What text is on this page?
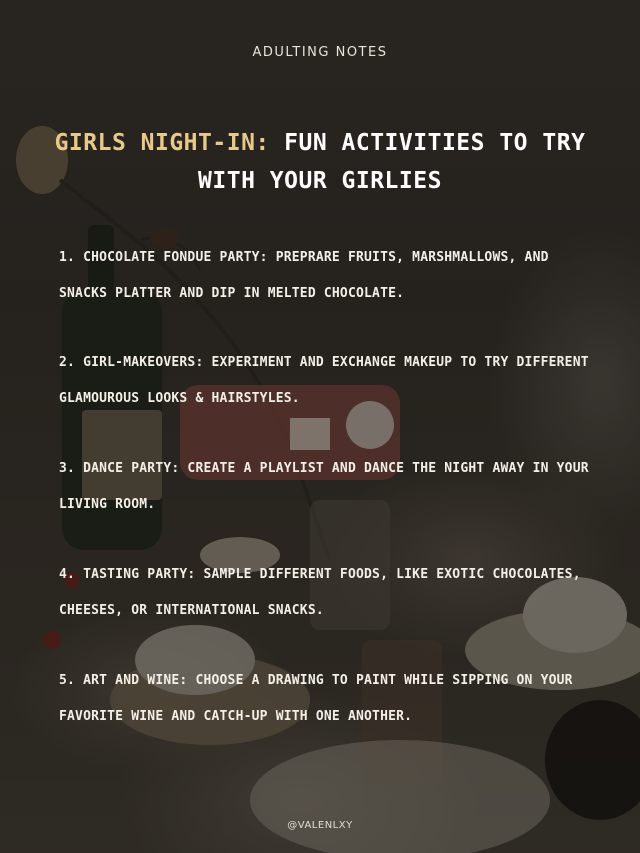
ADULTING NOTES
GIRLS NIGHT-IN: FUN ACTIVITIES TO TRY WITH YOUR GIRLIES
1. CHOCOLATE FONDUE PARTY: PREPRARE FRUITS, MARSHMALLOWS, AND SNACKS PLATTER AND DIP IN MELTED CHOCOLATE.
2. GIRL-MAKEOVERS: EXPERIMENT AND EXCHANGE MAKEUP TO TRY DIFFERENT GLAMOUROUS LOOKS & HAIRSTYLES.
3. DANCE PARTY: CREATE A PLAYLIST AND DANCE THE NIGHT AWAY IN YOUR LIVING ROOM.
4. TASTING PARTY: SAMPLE DIFFERENT FOODS, LIKE EXOTIC CHOCOLATES, CHEESES, OR INTERNATIONAL SNACKS.
5. ART AND WINE: CHOOSE A DRAWING TO PAINT WHILE SIPPING ON YOUR FAVORITE WINE AND CATCH-UP WITH ONE ANOTHER.
@VALENLXY
